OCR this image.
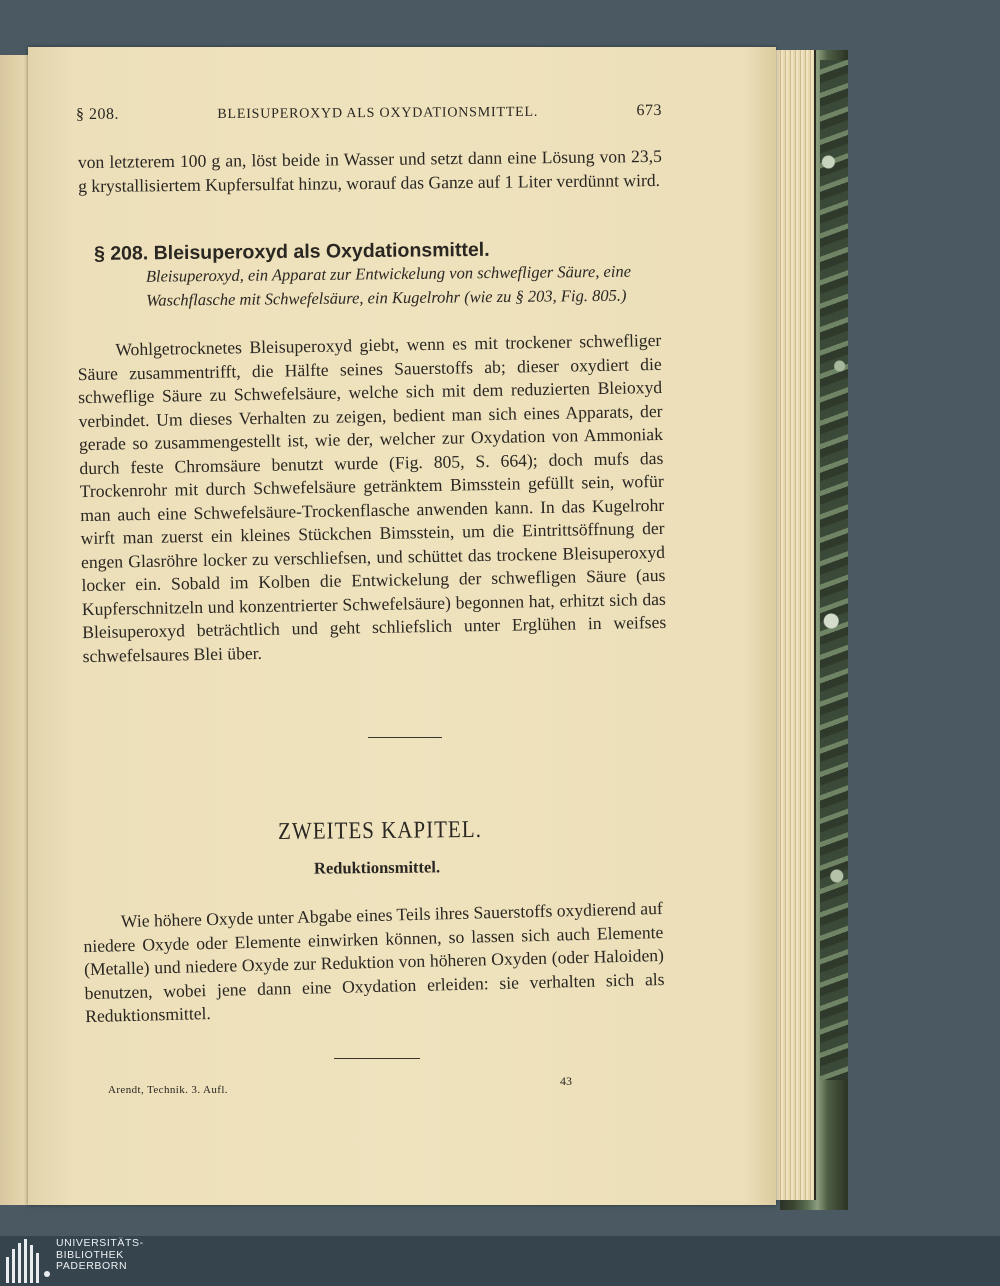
§ 208.	BLEISUPEROXYD ALS OXYDATIONSMITTEL.	673
von letzterem 100 g an, löst beide in Wasser und setzt dann eine Lösung von 23,5 g krystallisiertem Kupfersulfat hinzu, worauf das Ganze auf 1 Liter verdünnt wird.
§ 208. Bleisuperoxyd als Oxydationsmittel.
Bleisuperoxyd, ein Apparat zur Entwickelung von schwefliger Säure, eine Waschflasche mit Schwefelsäure, ein Kugelrohr (wie zu § 203, Fig. 805.)
Wohlgetrocknetes Bleisuperoxyd giebt, wenn es mit trockener schwefliger Säure zusammentrifft, die Hälfte seines Sauerstoffs ab; dieser oxydiert die schweflige Säure zu Schwefelsäure, welche sich mit dem reduzierten Bleioxyd verbindet. Um dieses Verhalten zu zeigen, bedient man sich eines Apparats, der gerade so zusammengestellt ist, wie der, welcher zur Oxydation von Ammoniak durch feste Chromsäure benutzt wurde (Fig. 805, S. 664); doch mufs das Trockenrohr mit durch Schwefelsäure getränktem Bimsstein gefüllt sein, wofür man auch eine Schwefelsäure-Trockenflasche anwenden kann. In das Kugelrohr wirft man zuerst ein kleines Stückchen Bimsstein, um die Eintrittsöffnung der engen Glasröhre locker zu verschliefsen, und schüttet das trockene Bleisuperoxyd locker ein. Sobald im Kolben die Entwickelung der schwefligen Säure (aus Kupferschnitzeln und konzentrierter Schwefelsäure) begonnen hat, erhitzt sich das Bleisuperoxyd beträchtlich und geht schliefslich unter Erglühen in weifses schwefelsaures Blei über.
ZWEITES KAPITEL.
Reduktionsmittel.
Wie höhere Oxyde unter Abgabe eines Teils ihres Sauerstoffs oxydierend auf niedere Oxyde oder Elemente einwirken können, so lassen sich auch Elemente (Metalle) und niedere Oxyde zur Reduktion von höheren Oxyden (oder Haloiden) benutzen, wobei jene dann eine Oxydation erleiden: sie verhalten sich als Reduktionsmittel.
43
Arendt, Technik. 3. Aufl.
UNIVERSITÄTS-
BIBLIOTHEK
PADERBORN
